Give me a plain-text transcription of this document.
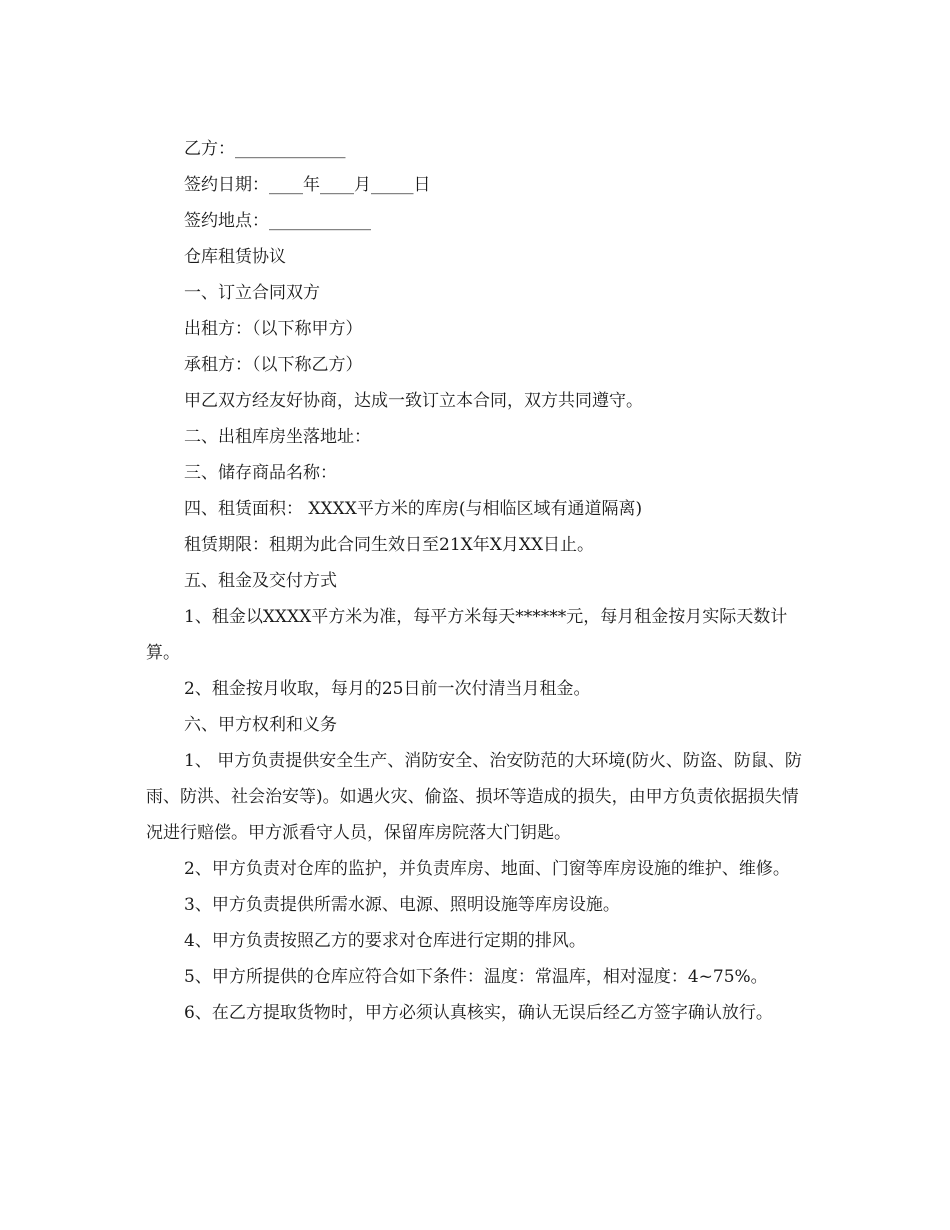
乙方：_____________

签约日期：____年____月_____日

签约地点：____________

仓库租赁协议

一、订立合同双方

出租方：（以下称甲方）

承租方：（以下称乙方）

甲乙双方经友好协商，达成一致订立本合同，双方共同遵守。

二、出租库房坐落地址：

三、储存商品名称：

四、租赁面积： XXXX平方米的库房(与相临区域有通道隔离)

租赁期限：租期为此合同生效日至21X年X月XX日止。

五、租金及交付方式

1、租金以XXXX平方米为准，每平方米每天******元，每月租金按月实际天数计算。

2、租金按月收取，每月的25日前一次付清当月租金。

六、甲方权利和义务

1、 甲方负责提供安全生产、消防安全、治安防范的大环境(防火、防盗、防鼠、防雨、防洪、社会治安等)。如遇火灾、偷盗、损坏等造成的损失，由甲方负责依据损失情况进行赔偿。甲方派看守人员，保留库房院落大门钥匙。

2、甲方负责对仓库的监护，并负责库房、地面、门窗等库房设施的维护、维修。

3、甲方负责提供所需水源、电源、照明设施等库房设施。

4、甲方负责按照乙方的要求对仓库进行定期的排风。

5、甲方所提供的仓库应符合如下条件：温度：常温库，相对湿度：4~75%。

6、在乙方提取货物时，甲方必须认真核实，确认无误后经乙方签字确认放行。
